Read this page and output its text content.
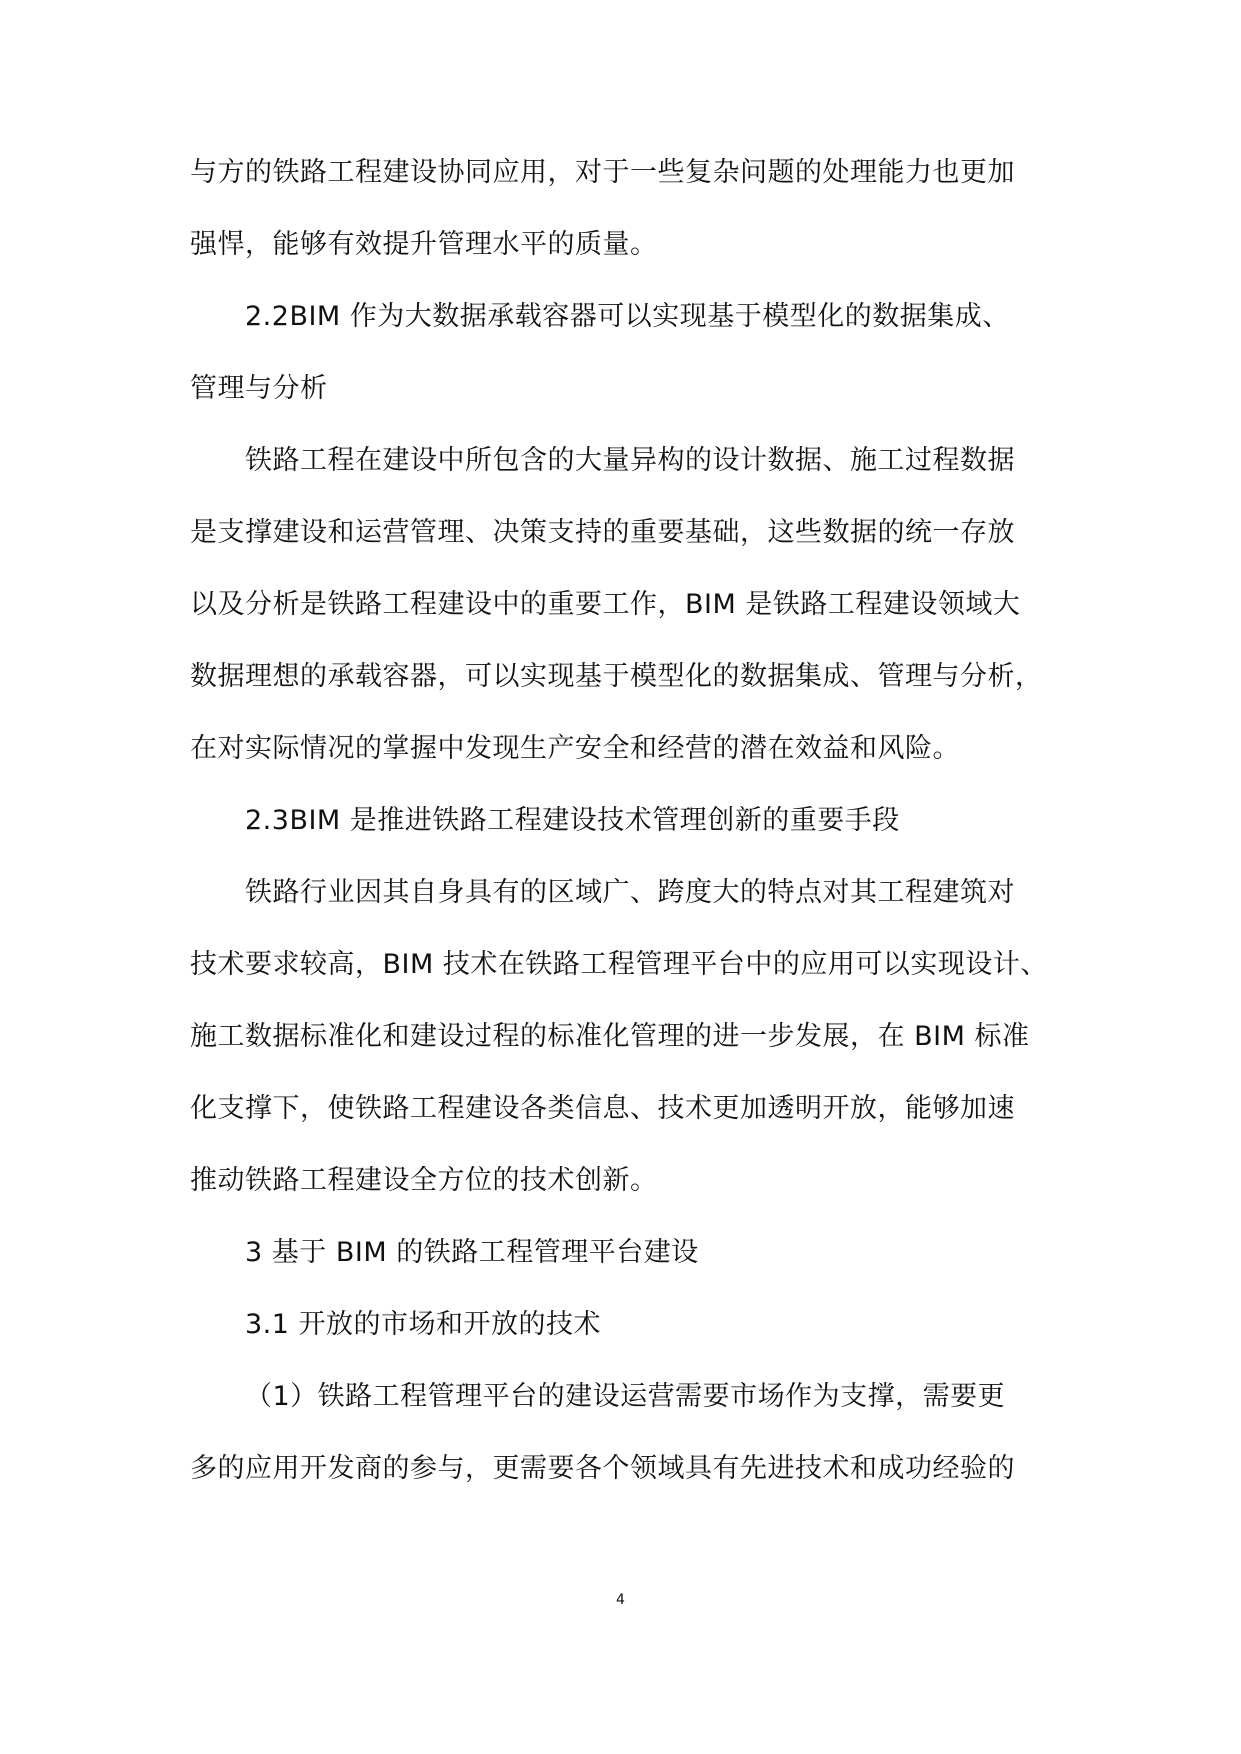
与方的铁路工程建设协同应用，对于一些复杂问题的处理能力也更加
强悍，能够有效提升管理水平的质量。
2.2BIM 作为大数据承载容器可以实现基于模型化的数据集成、
管理与分析
铁路工程在建设中所包含的大量异构的设计数据、施工过程数据
是支撑建设和运营管理、决策支持的重要基础，这些数据的统一存放
以及分析是铁路工程建设中的重要工作，BIM 是铁路工程建设领域大
数据理想的承载容器，可以实现基于模型化的数据集成、管理与分析，
在对实际情况的掌握中发现生产安全和经营的潜在效益和风险。
2.3BIM 是推进铁路工程建设技术管理创新的重要手段
铁路行业因其自身具有的区域广、跨度大的特点对其工程建筑对
技术要求较高，BIM 技术在铁路工程管理平台中的应用可以实现设计、
施工数据标准化和建设过程的标准化管理的进一步发展，在 BIM 标准
化支撑下，使铁路工程建设各类信息、技术更加透明开放，能够加速
推动铁路工程建设全方位的技术创新。
3 基于 BIM 的铁路工程管理平台建设
3.1 开放的市场和开放的技术
（1）铁路工程管理平台的建设运营需要市场作为支撑，需要更
多的应用开发商的参与，更需要各个领域具有先进技术和成功经验的
4
